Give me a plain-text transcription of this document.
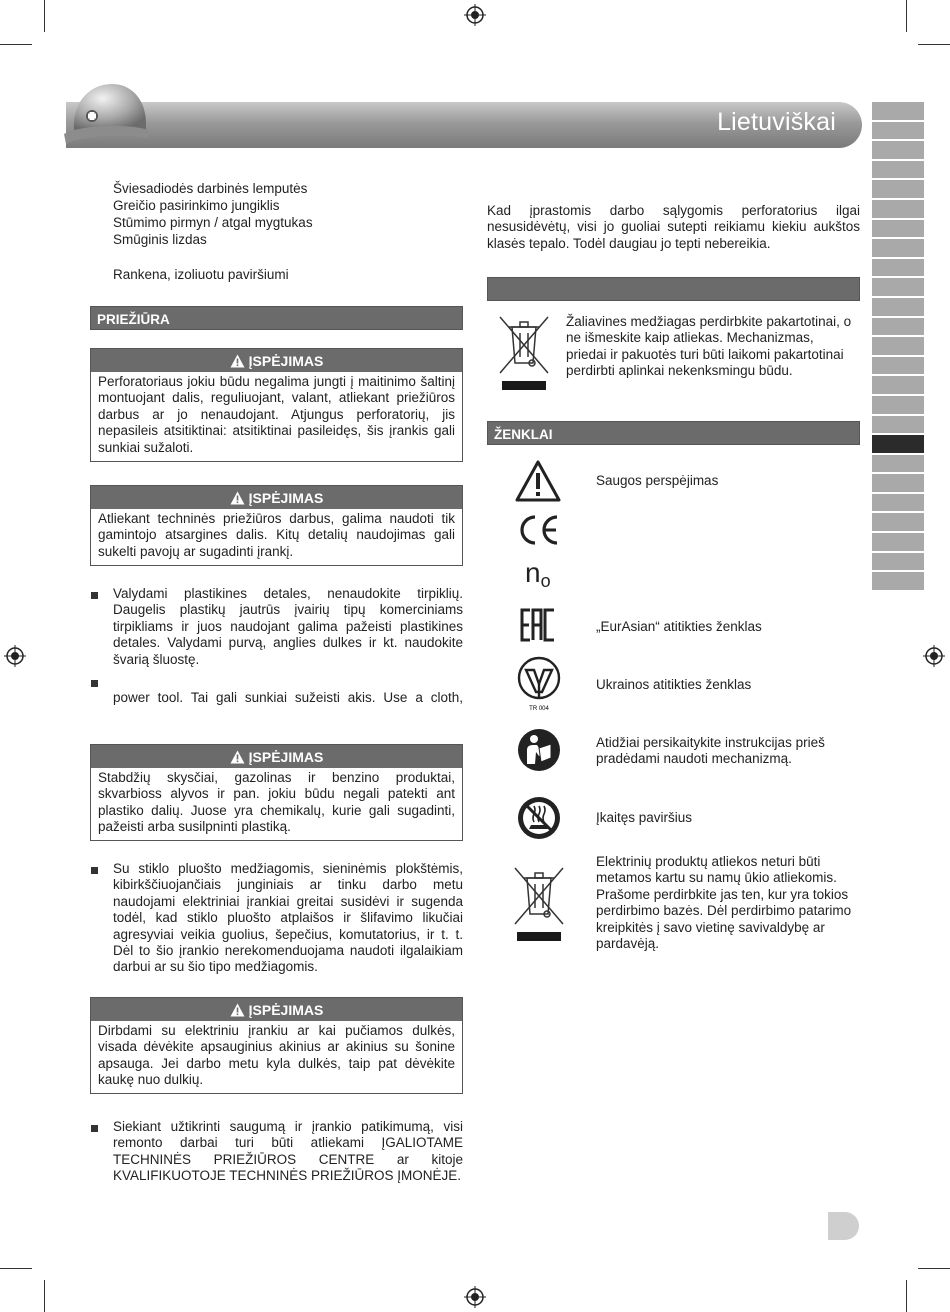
Lietuviškai
Šviesadiodės darbinės lemputės
Greičio pasirinkimo jungiklis
Stūmimo pirmyn / atgal mygtukas
Smūginis lizdas
Rankena, izoliuotu paviršiumi
PRIEŽIŪRA
ĮSPĖJIMAS
Perforatoriaus jokiu būdu negalima jungti į maitinimo šaltinį montuojant dalis, reguliuojant, valant, atliekant priežiūros darbus ar jo nenaudojant. Atjungus perforatorių, jis nepasileis atsitiktinai: atsitiktinai pasileidęs, šis įrankis gali sunkiai sužaloti.
ĮSPĖJIMAS
Atliekant techninės priežiūros darbus, galima naudoti tik gamintojo atsargines dalis. Kitų detalių naudojimas gali sukelti pavojų ar sugadinti įrankį.
Valydami plastikines detales, nenaudokite tirpiklių. Daugelis plastikų jautrūs įvairių tipų komerciniams tirpikliams ir juos naudojant galima pažeisti plastikines detales. Valydami purvą, anglies dulkes ir kt. naudokite švarią šluostę.
power tool. Tai gali sunkiai sužeisti akis. Use a cloth,
ĮSPĖJIMAS
Stabdžių skysčiai, gazolinas ir benzino produktai, skvarbioss alyvos ir pan. jokiu būdu negali patekti ant plastiko dalių. Juose yra chemikalų, kurie gali sugadinti, pažeisti arba susilpninti plastiką.
Su stiklo pluošto medžiagomis, sieninėmis plokštėmis, kibirkščiuojančiais junginiais ar tinku darbo metu naudojami elektriniai įrankiai greitai susidėvi ir sugenda todėl, kad stiklo pluošto atplaišos ir šlifavimo likučiai agresyviai veikia guolius, šepečius, komutatorius, ir t. t. Dėl to šio įrankio nerekomenduojama naudoti ilgalaikiam darbui ar su šio tipo medžiagomis.
ĮSPĖJIMAS
Dirbdami su elektriniu įrankiu ar kai pučiamos dulkės, visada dėvėkite apsauginius akinius ar akinius su šonine apsauga. Jei darbo metu kyla dulkės, taip pat dėvėkite kaukę nuo dulkių.
Siekiant užtikrinti saugumą ir įrankio patikimumą, visi remonto darbai turi būti atliekami ĮGALIOTAME TECHNINĖS PRIEŽIŪROS CENTRE ar kitoje KVALIFIKUOTOJE TECHNINĖS PRIEŽIŪROS ĮMONĖJE.
Kad įprastomis darbo sąlygomis perforatorius ilgai nesusidėvėtų, visi jo guoliai sutepti reikiamu kiekiu aukštos klasės tepalo. Todėl daugiau jo tepti nebereikia.
Žaliavines medžiagas perdirbkite pakartotinai, o ne išmeskite kaip atliekas. Mechanizmas, priedai ir pakuotės turi būti laikomi pakartotinai perdirbti aplinkai nekenksmingu būdu.
ŽENKLAI
Saugos perspėjimas
no
„EurAsian“ atitikties ženklas
TR 004
Ukrainos atitikties ženklas
Atidžiai persikaitykite instrukcijas prieš pradėdami naudoti mechanizmą.
Įkaitęs paviršius
Elektrinių produktų atliekos neturi būti metamos kartu su namų ūkio atliekomis. Prašome perdirbkite jas ten, kur yra tokios perdirbimo bazės. Dėl perdirbimo patarimo kreipkitės į savo vietinę savivaldybę ar pardavėją.
